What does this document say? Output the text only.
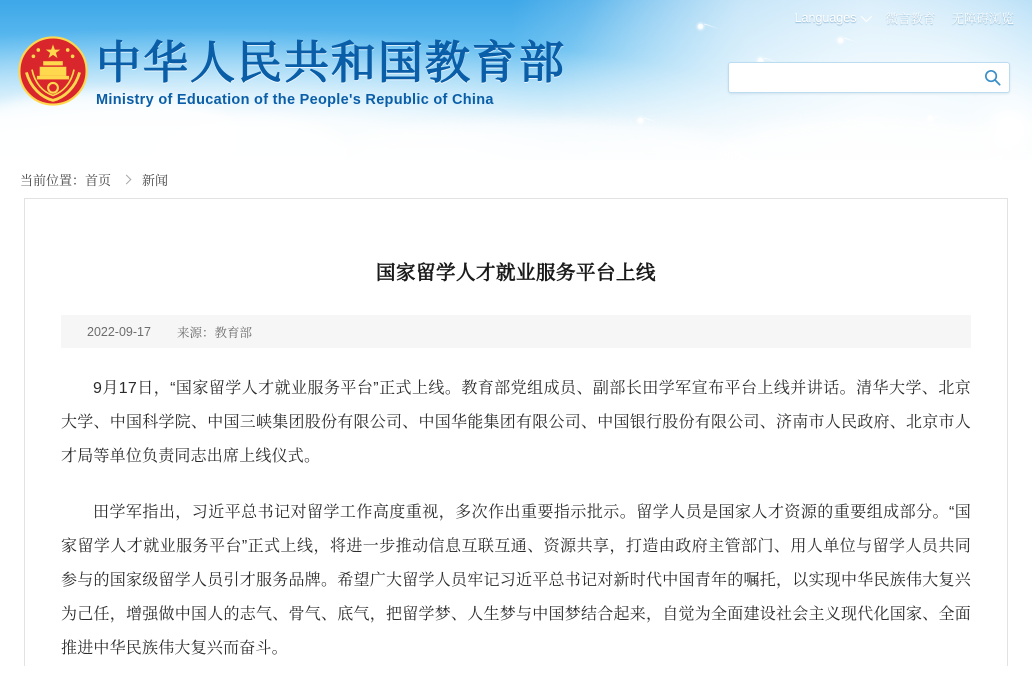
Languages 微言教育 无障碍浏览
中华人民共和国教育部
Ministry of Education of the People's Republic of China
当前位置： 首页 新闻
国家留学人才就业服务平台上线
2022-09-17 来源：教育部

9月17日，“国家留学人才就业服务平台”正式上线。教育部党组成员、副部长田学军宣布平台上线并讲话。清华大学、北京大学、中国科学院、中国三峡集团股份有限公司、中国华能集团有限公司、中国银行股份有限公司、济南市人民政府、北京市人才局等单位负责同志出席上线仪式。

田学军指出，习近平总书记对留学工作高度重视，多次作出重要指示批示。留学人员是国家人才资源的重要组成部分。“国家留学人才就业服务平台”正式上线，将进一步推动信息互联互通、资源共享，打造由政府主管部门、用人单位与留学人员共同参与的国家级留学人员引才服务品牌。希望广大留学人员牢记习近平总书记对新时代中国青年的嘱托，以实现中华民族伟大复兴为己任，增强做中国人的志气、骨气、底气，把留学梦、人生梦与中国梦结合起来，自觉为全面建设社会主义现代化国家、全面推进中华民族伟大复兴而奋斗。
